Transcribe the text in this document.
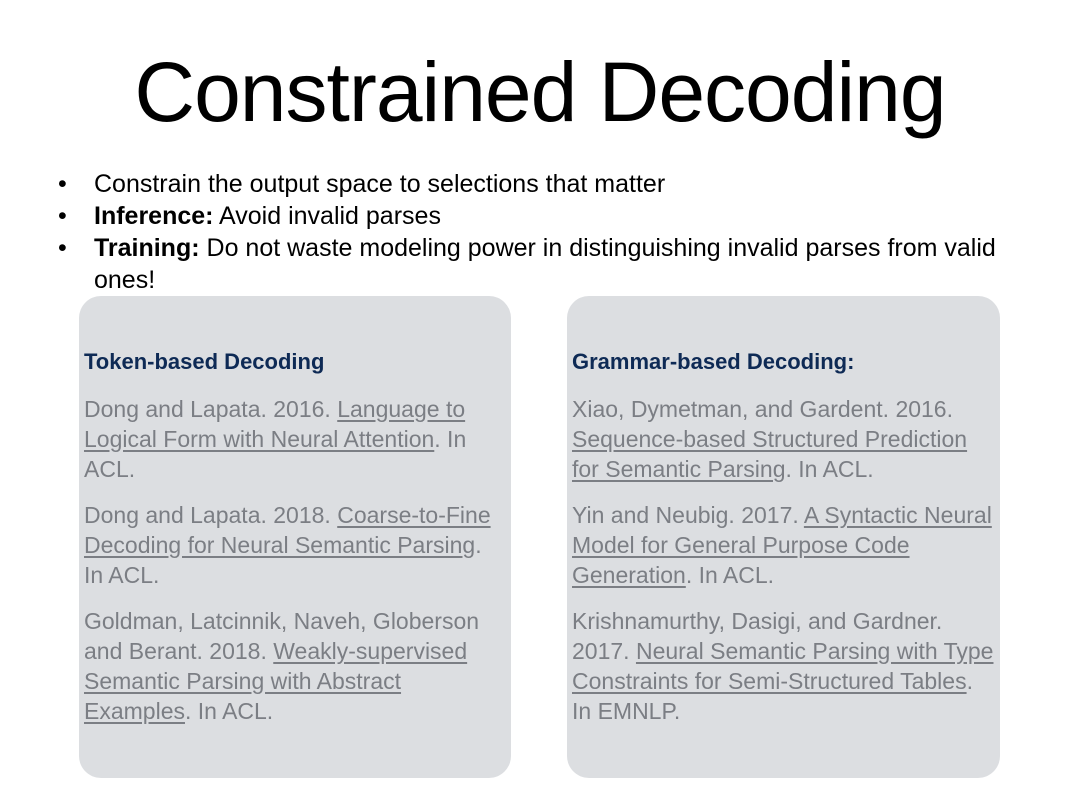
Constrained Decoding
• Constrain the output space to selections that matter
• Inference: Avoid invalid parses
• Training: Do not waste modeling power in distinguishing invalid parses from valid ones!
Token-based Decoding
Dong and Lapata. 2016. Language to Logical Form with Neural Attention. In ACL.
Dong and Lapata. 2018. Coarse-to-Fine Decoding for Neural Semantic Parsing. In ACL.
Goldman, Latcinnik, Naveh, Globerson and Berant. 2018. Weakly-supervised Semantic Parsing with Abstract Examples. In ACL.
Grammar-based Decoding:
Xiao, Dymetman, and Gardent. 2016. Sequence-based Structured Prediction for Semantic Parsing. In ACL.
Yin and Neubig. 2017. A Syntactic Neural Model for General Purpose Code Generation. In ACL.
Krishnamurthy, Dasigi, and Gardner. 2017. Neural Semantic Parsing with Type Constraints for Semi-Structured Tables. In EMNLP.
